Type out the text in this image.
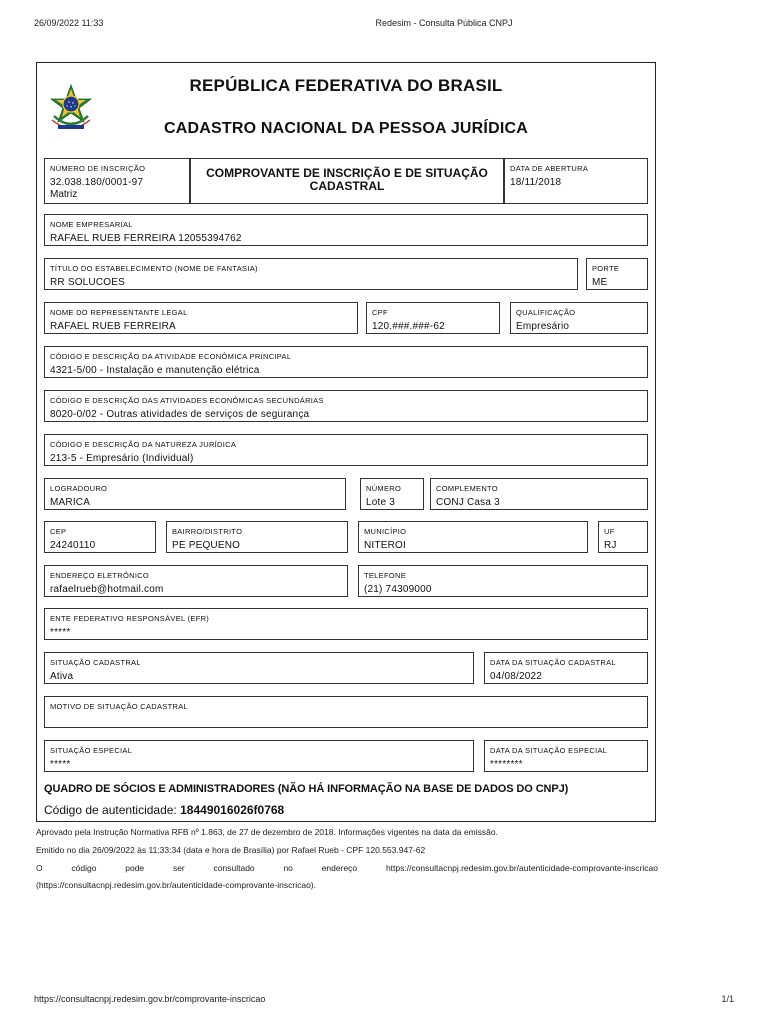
26/09/2022 11:33	Redesim - Consulta Pública CNPJ
REPÚBLICA FEDERATIVA DO BRASIL
CADASTRO NACIONAL DA PESSOA JURÍDICA
NÚMERO DE INSCRIÇÃO
32.038.180/0001-97
Matriz
COMPROVANTE DE INSCRIÇÃO E DE SITUAÇÃO CADASTRAL
DATA DE ABERTURA
18/11/2018
NOME EMPRESARIAL
RAFAEL RUEB FERREIRA 12055394762
TÍTULO DO ESTABELECIMENTO (NOME DE FANTASIA)
RR SOLUCOES
PORTE
ME
NOME DO REPRESENTANTE LEGAL
RAFAEL RUEB FERREIRA
CPF
120.###.###-62
QUALIFICAÇÃO
Empresário
CÓDIGO E DESCRIÇÃO DA ATIVIDADE ECONÔMICA PRINCIPAL
4321-5/00 - Instalação e manutenção elétrica
CÓDIGO E DESCRIÇÃO DAS ATIVIDADES ECONÔMICAS SECUNDÁRIAS
8020-0/02 - Outras atividades de serviços de segurança
CÓDIGO E DESCRIÇÃO DA NATUREZA JURÍDICA
213-5 - Empresário (Individual)
LOGRADOURO
MARICA
NÚMERO
Lote 3
COMPLEMENTO
CONJ Casa 3
CEP
24240110
BAIRRO/DISTRITO
PE PEQUENO
MUNICÍPIO
NITEROI
UF
RJ
ENDEREÇO ELETRÔNICO
rafaelrueb@hotmail.com
TELEFONE
(21) 74309000
ENTE FEDERATIVO RESPONSÁVEL (EFR)
*****
SITUAÇÃO CADASTRAL
Ativa
DATA DA SITUAÇÃO CADASTRAL
04/08/2022
MOTIVO DE SITUAÇÃO CADASTRAL
SITUAÇÃO ESPECIAL
*****
DATA DA SITUAÇÃO ESPECIAL
********
QUADRO DE SÓCIOS E ADMINISTRADORES (NÃO HÁ INFORMAÇÃO NA BASE DE DADOS DO CNPJ)
Código de autenticidade: 18449016026f0768
Aprovado pela Instrução Normativa RFB nº 1.863, de 27 de dezembro de 2018. Informações vigentes na data da emissão.
Emitido no dia 26/09/2022 às 11:33:34 (data e hora de Brasília) por Rafael Rueb - CPF 120.553.947-62
O	código	pode	ser	consultado	no	endereço	https://consultacnpj.redesim.gov.br/autenticidade-comprovante-inscricao
(https://consultacnpj.redesim.gov.br/autenticidade-comprovante-inscricao).
https://consultacnpj.redesim.gov.br/comprovante-inscricao	1/1
